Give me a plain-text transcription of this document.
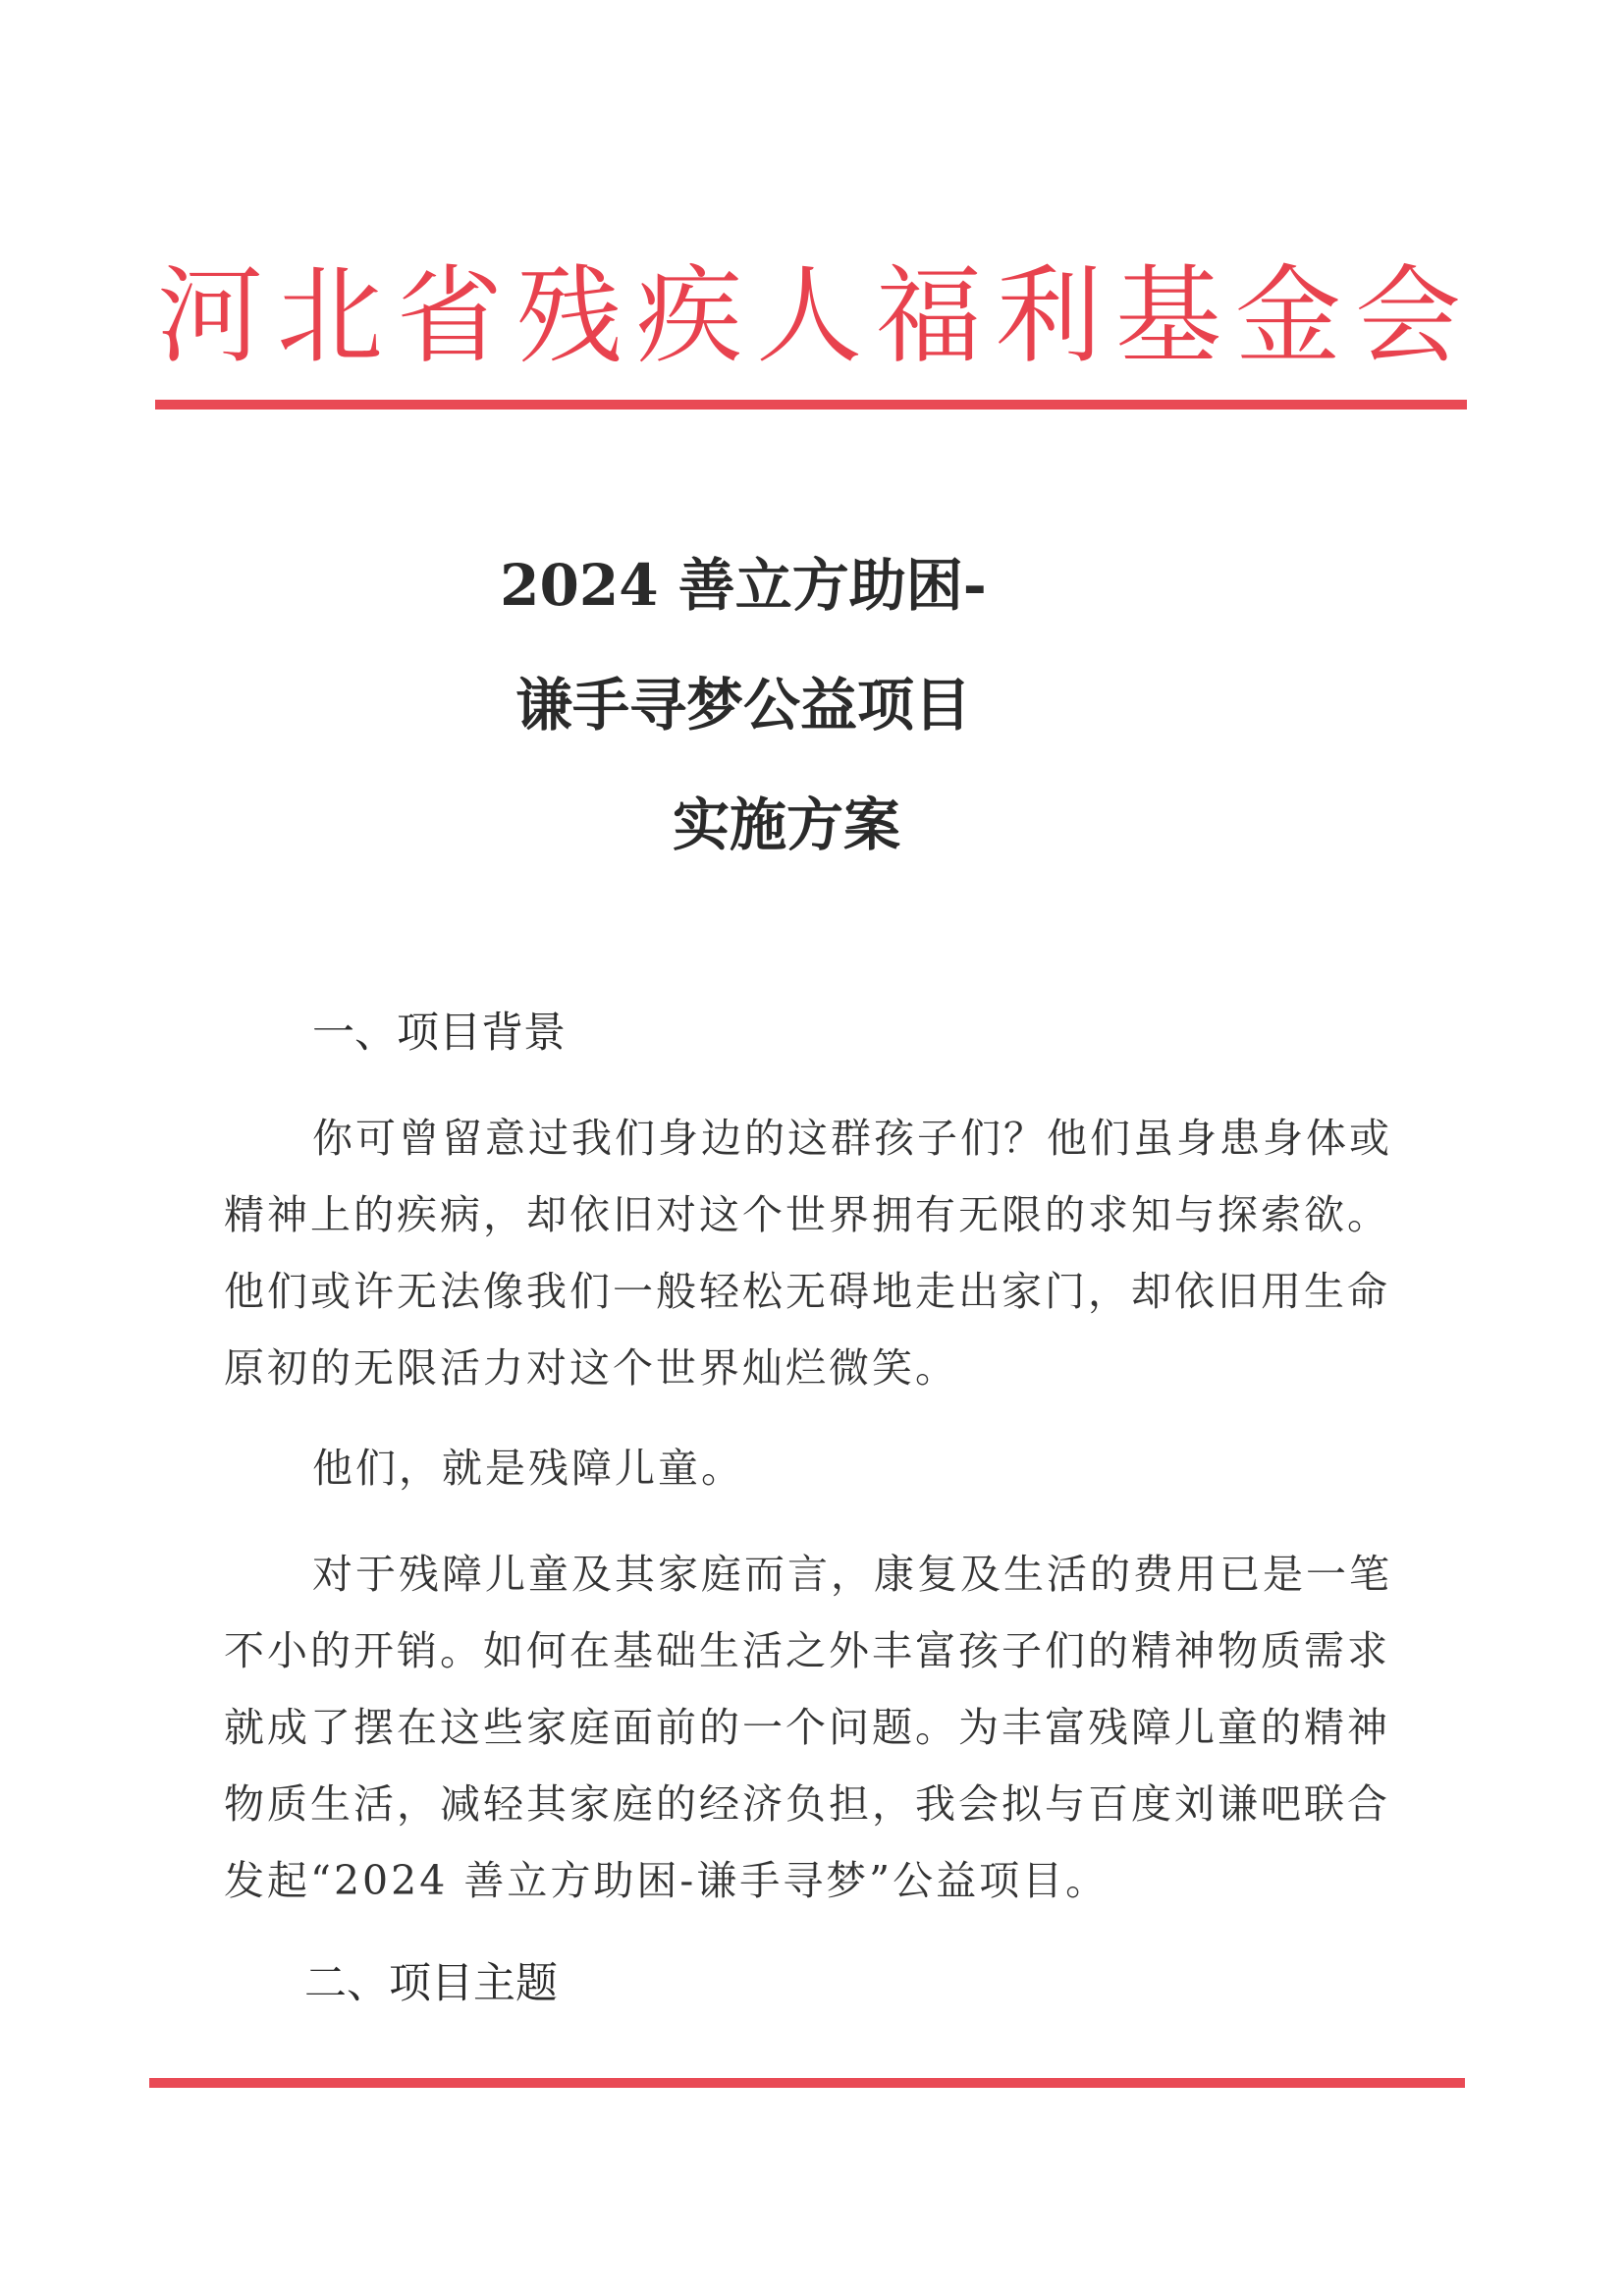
河北省残疾人福利基金会
2024 善立方助困-
谦手寻梦公益项目
实施方案
一、项目背景
你可曾留意过我们身边的这群孩子们？他们虽身患身体或
精神上的疾病，却依旧对这个世界拥有无限的求知与探索欲。
他们或许无法像我们一般轻松无碍地走出家门，却依旧用生命
原初的无限活力对这个世界灿烂微笑。
他们，就是残障儿童。
对于残障儿童及其家庭而言，康复及生活的费用已是一笔
不小的开销。如何在基础生活之外丰富孩子们的精神物质需求
就成了摆在这些家庭面前的一个问题。为丰富残障儿童的精神
物质生活，减轻其家庭的经济负担，我会拟与百度刘谦吧联合
发起“2024 善立方助困-谦手寻梦”公益项目。
二、项目主题
